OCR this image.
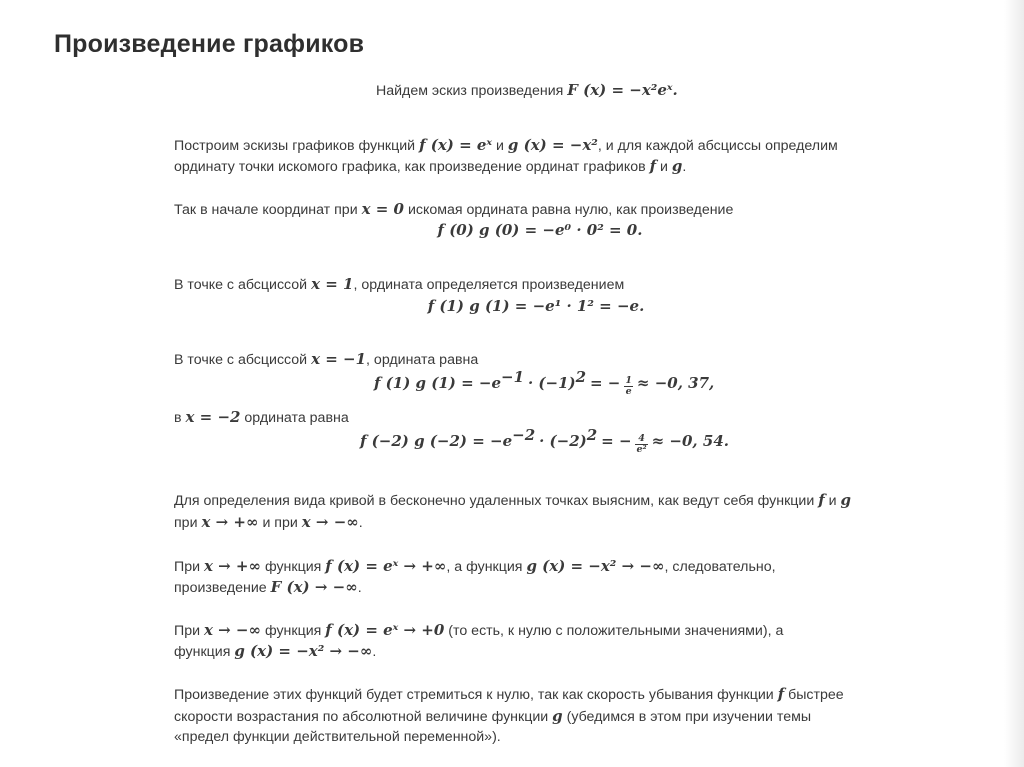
Произведение графиков

Найдем эскиз произведения F (x) = −x²eˣ.

Построим эскизы графиков функций f (x) = eˣ и g (x) = −x², и для каждой абсциссы определим

ординату точки искомого графика, как произведение ординат графиков f и g.

Так в начале координат при x = 0 искомая ордината равна нулю, как произведение

f (0) g (0) = −e⁰ · 0² = 0.

В точке с абсциссой x = 1, ордината определяется произведением

f (1) g (1) = −e¹ · 1² = −e.

В точке с абсциссой x = −1, ордината равна

f (1) g $(1) = -e^{-1} \cdot (-1)^2$ = − $\frac{1}{e} \approx -0$, 37,

в x = −2 ордината равна

f (−2) g $(-2) = -e^{-2} \cdot (-2)^2$ = − $\frac{4}{\text{e²}} \approx -0$, 54.

Для определения вида кривой в бесконечно удаленных точках выясним, как ведут себя функции f и g

при x → +∞ и при x → −∞.

При x → +∞ функция f (x) = eˣ → +∞, а функция g (x) = −x² → −∞, следовательно,

произведение F (x) → −∞.

При x → −∞ функция f (x) = eˣ → +0 (то есть, к нулю с положительными значениями), а

функция g (x) = −x² → −∞.

Произведение этих функций будет стремиться к нулю, так как скорость убывания функции f быстрее

скорости возрастания по абсолютной величине функции g (убедимся в этом при изучении темы

«предел функции действительной переменной»).
